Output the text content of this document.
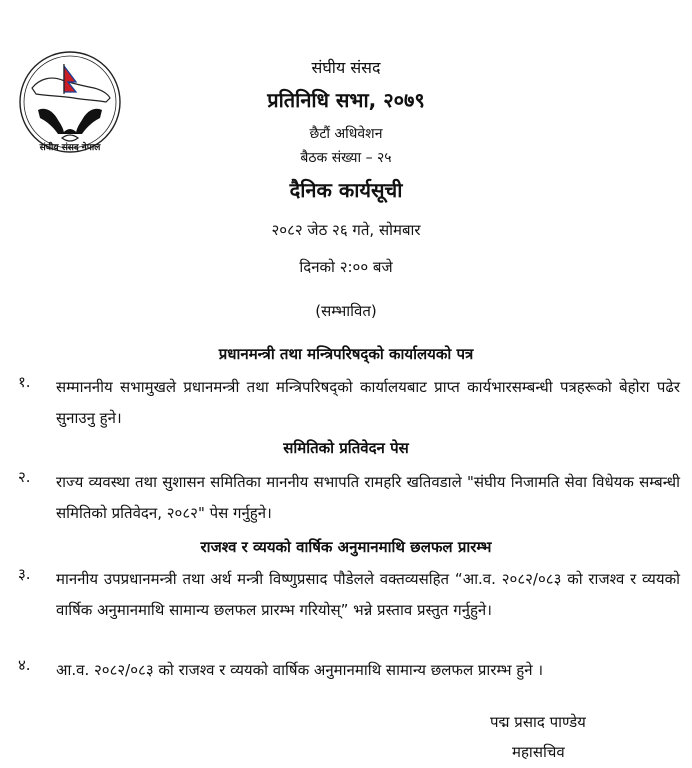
संघीय संसद नेपाल
संघीय संसद
प्रतिनिधि सभा, २०७९
छैटौं अधिवेशन
बैठक संख्या – २५
दैनिक कार्यसूची
२०८२ जेठ २६ गते, सोमबार
दिनको २:०० बजे
(सम्भावित)
प्रधानमन्त्री तथा मन्त्रिपरिषद्को कार्यालयको पत्र
१. सम्माननीय सभामुखले प्रधानमन्त्री तथा मन्त्रिपरिषद्को कार्यालयबाट प्राप्त कार्यभारसम्बन्धी पत्रहरूको बेहोरा पढेर सुनाउनु हुने।
समितिको प्रतिवेदन पेस
२. राज्य व्यवस्था तथा सुशासन समितिका माननीय सभापति रामहरि खतिवडाले "संघीय निजामति सेवा विधेयक सम्बन्धी समितिको प्रतिवेदन, २०८२" पेस गर्नुहुने।
राजश्व र व्ययको वार्षिक अनुमानमाथि छलफल प्रारम्भ
३. माननीय उपप्रधानमन्त्री तथा अर्थ मन्त्री विष्णुप्रसाद पौडेलले वक्तव्यसहित “आ.व. २०८२/०८३ को राजश्व र व्ययको वार्षिक अनुमानमाथि सामान्य छलफल प्रारम्भ गरियोस्” भन्ने प्रस्ताव प्रस्तुत गर्नुहुने।
४. आ.व. २०८२/०८३ को राजश्व र व्ययको वार्षिक अनुमानमाथि सामान्य छलफल प्रारम्भ हुने ।
पद्म प्रसाद पाण्डेय
महासचिव
